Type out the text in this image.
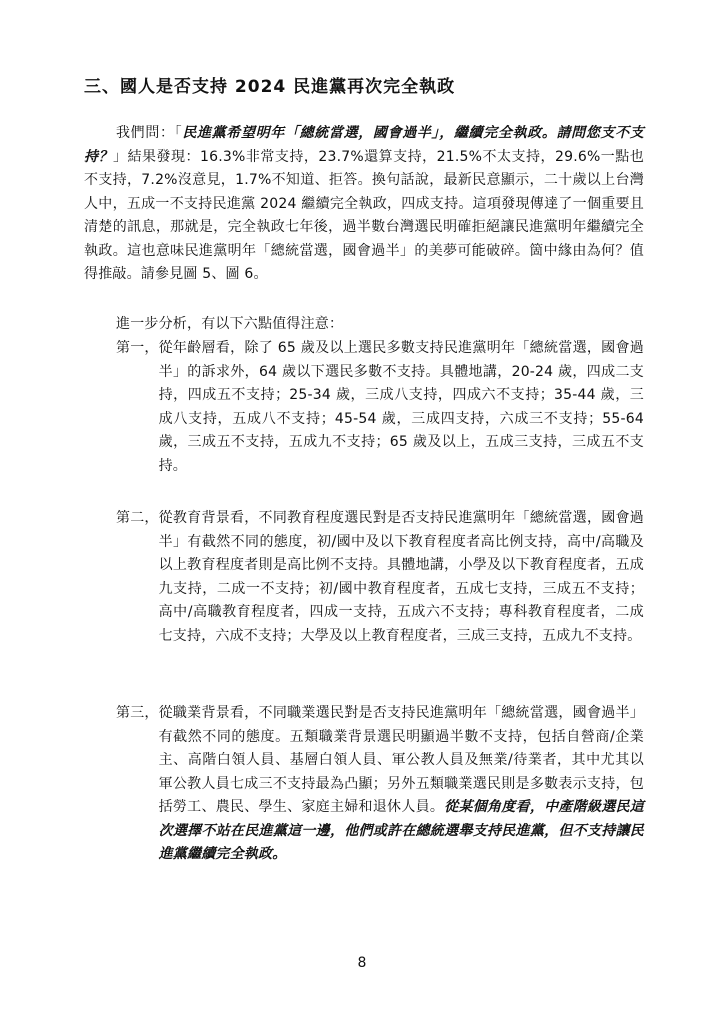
三、國人是否支持 2024 民進黨再次完全執政

我們問：「民進黨希望明年「總統當選，國會過半」，繼續完全執政。請問您支不支持？」結果發現：16.3%非常支持，23.7%還算支持，21.5%不太支持，29.6%一點也不支持，7.2%沒意見，1.7%不知道、拒答。換句話說，最新民意顯示，二十歲以上台灣人中，五成一不支持民進黨 2024 繼續完全執政，四成支持。這項發現傳達了一個重要且清楚的訊息，那就是，完全執政七年後，過半數台灣選民明確拒絕讓民進黨明年繼續完全執政。這也意味民進黨明年「總統當選，國會過半」的美夢可能破碎。箇中緣由為何？值得推敲。請參見圖 5、圖 6。

進一步分析，有以下六點值得注意：
第一， 從年齡層看，除了 65 歲及以上選民多數支持民進黨明年「總統當選，國會過半」的訴求外，64 歲以下選民多數不支持。具體地講，20-24 歲，四成二支持，四成五不支持；25-34 歲，三成八支持，四成六不支持；35-44 歲，三成八支持，五成八不支持；45-54 歲，三成四支持，六成三不支持；55-64 歲，三成五不支持，五成九不支持；65 歲及以上，五成三支持，三成五不支持。
第二， 從教育背景看，不同教育程度選民對是否支持民進黨明年「總統當選，國會過半」有截然不同的態度，初/國中及以下教育程度者高比例支持，高中/高職及以上教育程度者則是高比例不支持。具體地講，小學及以下教育程度者，五成九支持，二成一不支持；初/國中教育程度者，五成七支持，三成五不支持；高中/高職教育程度者，四成一支持，五成六不支持；專科教育程度者，二成七支持，六成不支持；大學及以上教育程度者，三成三支持，五成九不支持。
第三， 從職業背景看，不同職業選民對是否支持民進黨明年「總統當選，國會過半」有截然不同的態度。五類職業背景選民明顯過半數不支持，包括自營商/企業主、高階白領人員、基層白領人員、軍公教人員及無業/待業者，其中尤其以軍公教人員七成三不支持最為凸顯；另外五類職業選民則是多數表示支持，包括勞工、農民、學生、家庭主婦和退休人員。從某個角度看，中產階級選民這次選擇不站在民進黨這一邊，他們或許在總統選舉支持民進黨，但不支持讓民進黨繼續完全執政。
8
